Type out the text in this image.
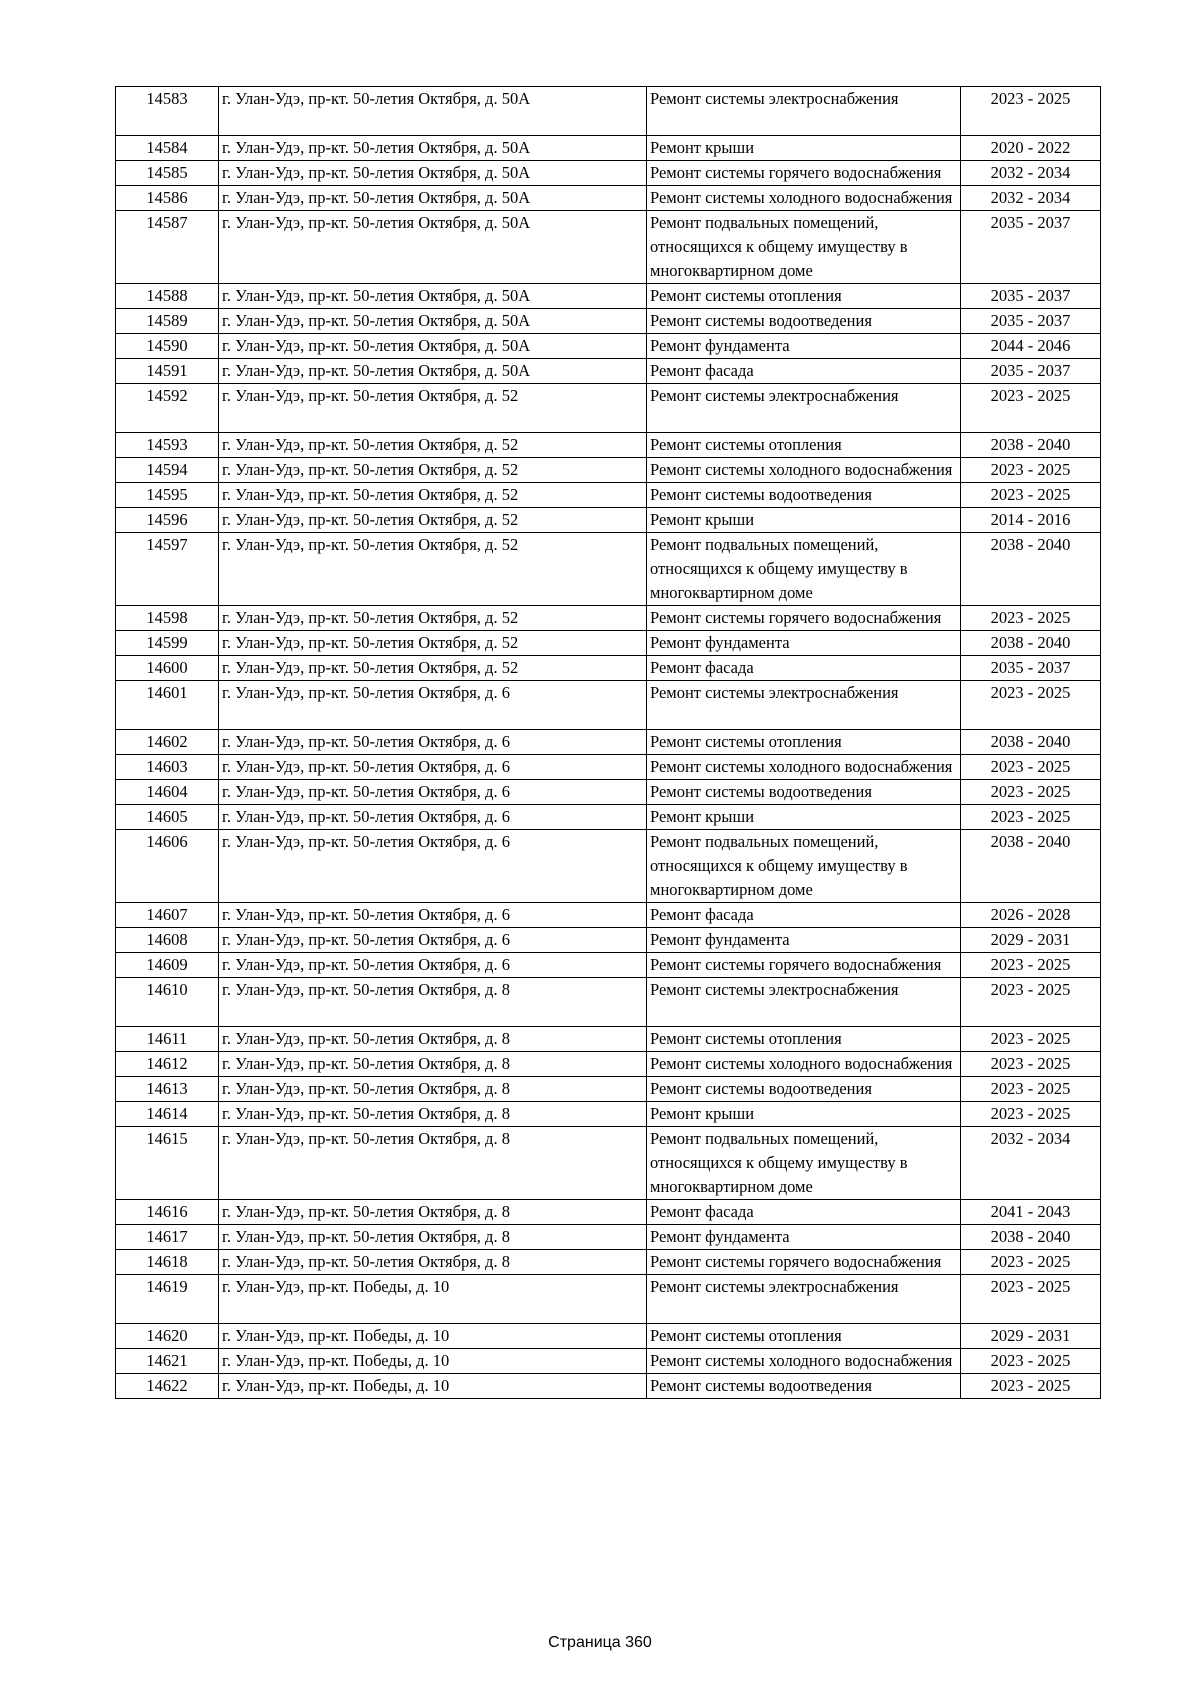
14583	г. Улан-Удэ, пр-кт. 50-летия Октября, д. 50А	Ремонт системы электроснабжения	2023 - 2025
14584	г. Улан-Удэ, пр-кт. 50-летия Октября, д. 50А	Ремонт крыши	2020 - 2022
14585	г. Улан-Удэ, пр-кт. 50-летия Октября, д. 50А	Ремонт системы горячего водоснабжения	2032 - 2034
14586	г. Улан-Удэ, пр-кт. 50-летия Октября, д. 50А	Ремонт системы холодного водоснабжения	2032 - 2034
14587	г. Улан-Удэ, пр-кт. 50-летия Октября, д. 50А	Ремонт подвальных помещений, относящихся к общему имуществу в многоквартирном доме	2035 - 2037
14588	г. Улан-Удэ, пр-кт. 50-летия Октября, д. 50А	Ремонт системы отопления	2035 - 2037
14589	г. Улан-Удэ, пр-кт. 50-летия Октября, д. 50А	Ремонт системы водоотведения	2035 - 2037
14590	г. Улан-Удэ, пр-кт. 50-летия Октября, д. 50А	Ремонт фундамента	2044 - 2046
14591	г. Улан-Удэ, пр-кт. 50-летия Октября, д. 50А	Ремонт фасада	2035 - 2037
14592	г. Улан-Удэ, пр-кт. 50-летия Октября, д. 52	Ремонт системы электроснабжения	2023 - 2025
14593	г. Улан-Удэ, пр-кт. 50-летия Октября, д. 52	Ремонт системы отопления	2038 - 2040
14594	г. Улан-Удэ, пр-кт. 50-летия Октября, д. 52	Ремонт системы холодного водоснабжения	2023 - 2025
14595	г. Улан-Удэ, пр-кт. 50-летия Октября, д. 52	Ремонт системы водоотведения	2023 - 2025
14596	г. Улан-Удэ, пр-кт. 50-летия Октября, д. 52	Ремонт крыши	2014 - 2016
14597	г. Улан-Удэ, пр-кт. 50-летия Октября, д. 52	Ремонт подвальных помещений, относящихся к общему имуществу в многоквартирном доме	2038 - 2040
14598	г. Улан-Удэ, пр-кт. 50-летия Октября, д. 52	Ремонт системы горячего водоснабжения	2023 - 2025
14599	г. Улан-Удэ, пр-кт. 50-летия Октября, д. 52	Ремонт фундамента	2038 - 2040
14600	г. Улан-Удэ, пр-кт. 50-летия Октября, д. 52	Ремонт фасада	2035 - 2037
14601	г. Улан-Удэ, пр-кт. 50-летия Октября, д. 6	Ремонт системы электроснабжения	2023 - 2025
14602	г. Улан-Удэ, пр-кт. 50-летия Октября, д. 6	Ремонт системы отопления	2038 - 2040
14603	г. Улан-Удэ, пр-кт. 50-летия Октября, д. 6	Ремонт системы холодного водоснабжения	2023 - 2025
14604	г. Улан-Удэ, пр-кт. 50-летия Октября, д. 6	Ремонт системы водоотведения	2023 - 2025
14605	г. Улан-Удэ, пр-кт. 50-летия Октября, д. 6	Ремонт крыши	2023 - 2025
14606	г. Улан-Удэ, пр-кт. 50-летия Октября, д. 6	Ремонт подвальных помещений, относящихся к общему имуществу в многоквартирном доме	2038 - 2040
14607	г. Улан-Удэ, пр-кт. 50-летия Октября, д. 6	Ремонт фасада	2026 - 2028
14608	г. Улан-Удэ, пр-кт. 50-летия Октября, д. 6	Ремонт фундамента	2029 - 2031
14609	г. Улан-Удэ, пр-кт. 50-летия Октября, д. 6	Ремонт системы горячего водоснабжения	2023 - 2025
14610	г. Улан-Удэ, пр-кт. 50-летия Октября, д. 8	Ремонт системы электроснабжения	2023 - 2025
14611	г. Улан-Удэ, пр-кт. 50-летия Октября, д. 8	Ремонт системы отопления	2023 - 2025
14612	г. Улан-Удэ, пр-кт. 50-летия Октября, д. 8	Ремонт системы холодного водоснабжения	2023 - 2025
14613	г. Улан-Удэ, пр-кт. 50-летия Октября, д. 8	Ремонт системы водоотведения	2023 - 2025
14614	г. Улан-Удэ, пр-кт. 50-летия Октября, д. 8	Ремонт крыши	2023 - 2025
14615	г. Улан-Удэ, пр-кт. 50-летия Октября, д. 8	Ремонт подвальных помещений, относящихся к общему имуществу в многоквартирном доме	2032 - 2034
14616	г. Улан-Удэ, пр-кт. 50-летия Октября, д. 8	Ремонт фасада	2041 - 2043
14617	г. Улан-Удэ, пр-кт. 50-летия Октября, д. 8	Ремонт фундамента	2038 - 2040
14618	г. Улан-Удэ, пр-кт. 50-летия Октября, д. 8	Ремонт системы горячего водоснабжения	2023 - 2025
14619	г. Улан-Удэ, пр-кт. Победы, д. 10	Ремонт системы электроснабжения	2023 - 2025
14620	г. Улан-Удэ, пр-кт. Победы, д. 10	Ремонт системы отопления	2029 - 2031
14621	г. Улан-Удэ, пр-кт. Победы, д. 10	Ремонт системы холодного водоснабжения	2023 - 2025
14622	г. Улан-Удэ, пр-кт. Победы, д. 10	Ремонт системы водоотведения	2023 - 2025
Страница 360
